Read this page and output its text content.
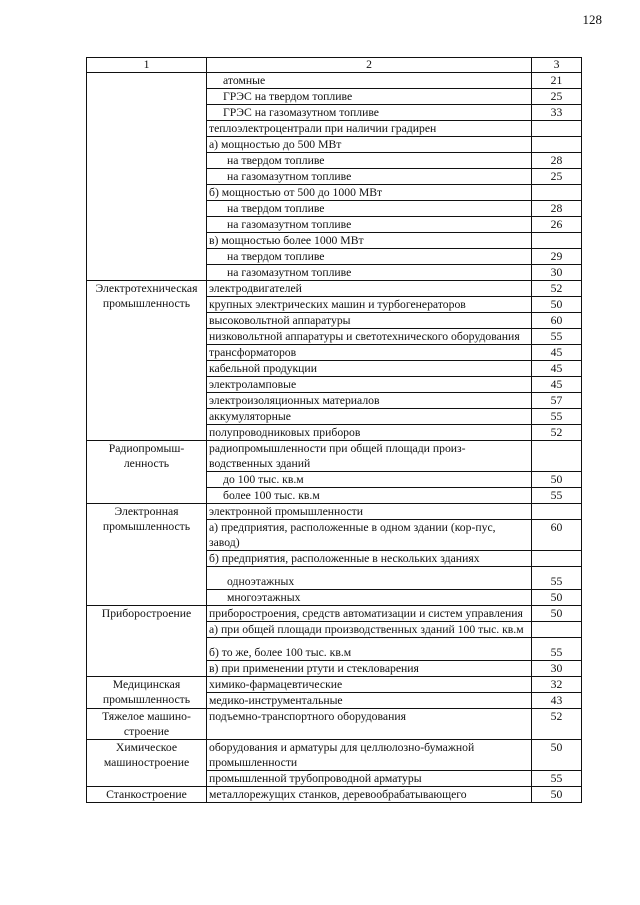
128
1	2	3
	атомные	21
	ГРЭС на твердом топливе	25
	ГРЭС на газомазутном топливе	33
	теплоэлектроцентрали при наличии градирен	
	а) мощностью до 500 МВт	
	на твердом топливе	28
	на газомазутном топливе	25
	б) мощностью от 500 до 1000 МВт	
	на твердом топливе	28
	на газомазутном топливе	26
	в) мощностью более 1000 МВт	
	на твердом топливе	29
	на газомазутном топливе	30
Электротехническая промышленность	электродвигателей	52
	крупных электрических машин и турбогенераторов	50
	высоковольтной аппаратуры	60
	низковольтной аппаратуры и светотехнического оборудования	55
	трансформаторов	45
	кабельной продукции	45
	электроламповые	45
	электроизоляционных материалов	57
	аккумуляторные	55
	полупроводниковых приборов	52
Радиопромыш-ленность	радиопромышленности при общей площади произ-водственных зданий	
	до 100 тыс. кв.м	50
	более 100 тыс. кв.м	55
Электронная промышленность	электронной промышленности	
	а) предприятия, расположенные в одном здании (кор-пус, завод)	60
	б) предприятия, расположенные в нескольких зданиях	
	одноэтажных	55
	многоэтажных	50
Приборостроение	приборостроения, средств автоматизации и систем управления	50
	а) при общей площади производственных зданий 100 тыс. кв.м	
	б) то же, более 100 тыс. кв.м	55
	в) при применении ртути и стекловарения	30
Медицинская промышленность	химико-фармацевтические	32
	медико-инструментальные	43
Тяжелое машино-строение	подъемно-транспортного оборудования	52
Химическое машиностроение	оборудования и арматуры для целлюлозно-бумажной промышленности	50
	промышленной трубопроводной арматуры	55
Станкостроение	металлорежущих станков, деревообрабатывающего	50
